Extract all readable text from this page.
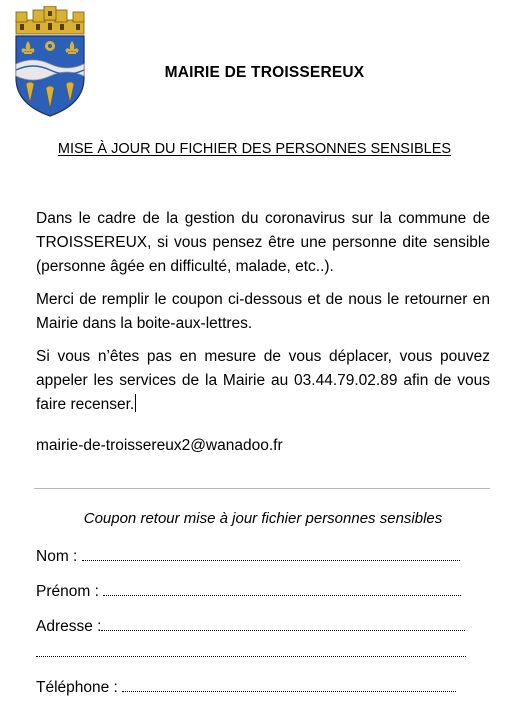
MAIRIE DE TROISSEREUX
MISE À JOUR DU FICHIER DES PERSONNES SENSIBLES

Dans le cadre de la gestion du coronavirus sur la commune de TROISSEREUX, si vous pensez être une personne dite sensible (personne âgée en difficulté, malade, etc..).

Merci de remplir le coupon ci-dessous et de nous le retourner en Mairie dans la boite-aux-lettres.

Si vous n’êtes pas en mesure de vous déplacer, vous pouvez appeler les services de la Mairie au 03.44.79.02.89 afin de vous faire recenser.

mairie-de-troissereux2@wanadoo.fr
Coupon retour mise à jour fichier personnes sensibles
Nom :
Prénom :
Adresse :
Téléphone :
